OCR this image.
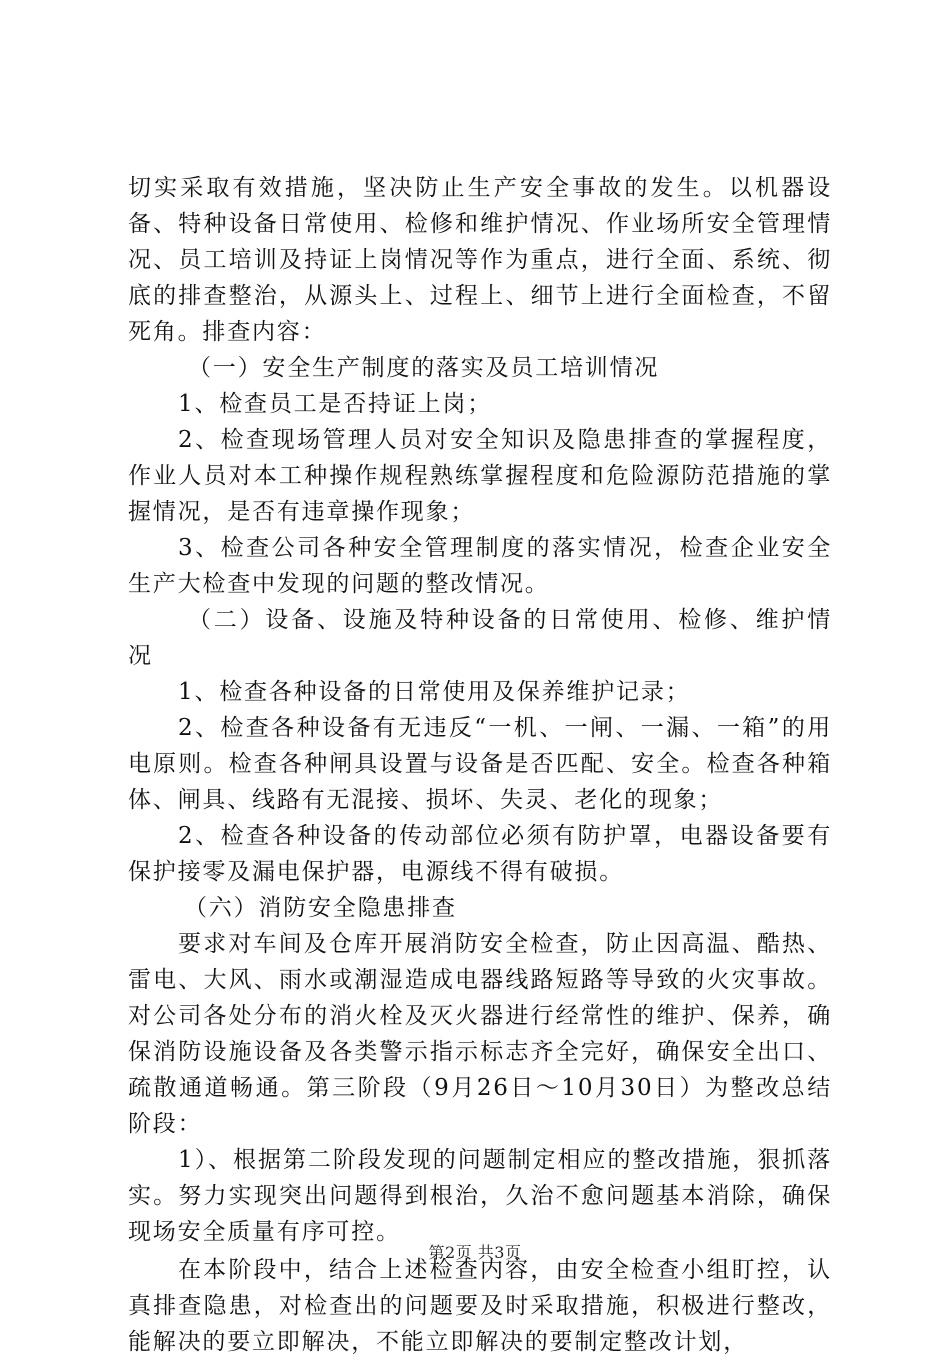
切实采取有效措施，坚决防止生产安全事故的发生。以机器设备、特种设备日常使用、检修和维护情况、作业场所安全管理情况、员工培训及持证上岗情况等作为重点，进行全面、系统、彻底的排查整治，从源头上、过程上、细节上进行全面检查，不留死角。排查内容：

（一）安全生产制度的落实及员工培训情况

1、检查员工是否持证上岗；

2、检查现场管理人员对安全知识及隐患排查的掌握程度，作业人员对本工种操作规程熟练掌握程度和危险源防范措施的掌握情况，是否有违章操作现象；

3、检查公司各种安全管理制度的落实情况，检查企业安全生产大检查中发现的问题的整改情况。

（二）设备、设施及特种设备的日常使用、检修、维护情况

1、检查各种设备的日常使用及保养维护记录；

2、检查各种设备有无违反“一机、一闸、一漏、一箱”的用电原则。检查各种闸具设置与设备是否匹配、安全。检查各种箱体、闸具、线路有无混接、损坏、失灵、老化的现象；

2、检查各种设备的传动部位必须有防护罩，电器设备要有保护接零及漏电保护器，电源线不得有破损。

（六）消防安全隐患排查

要求对车间及仓库开展消防安全检查，防止因高温、酷热、雷电、大风、雨水或潮湿造成电器线路短路等导致的火灾事故。对公司各处分布的消火栓及灭火器进行经常性的维护、保养，确保消防设施设备及各类警示指示标志齐全完好，确保安全出口、疏散通道畅通。第三阶段（9月26日～10月30日）为整改总结阶段：

1）、根据第二阶段发现的问题制定相应的整改措施，狠抓落实。努力实现突出问题得到根治，久治不愈问题基本消除，确保现场安全质量有序可控。

在本阶段中，结合上述检查内容，由安全检查小组盯控，认真排查隐患，对检查出的问题要及时采取措施，积极进行整改，能解决的要立即解决，不能立即解决的要制定整改计划，

第2页 共3页
